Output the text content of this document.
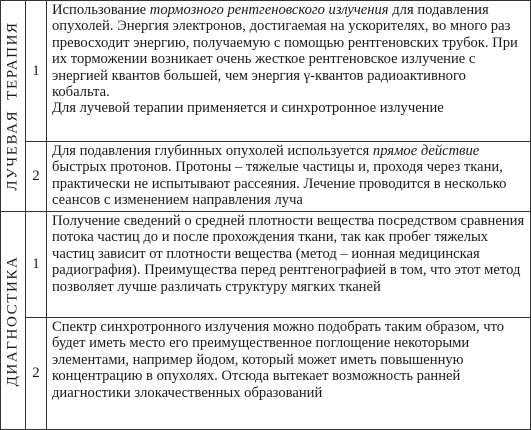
ЛУЧЕВАЯТЕРАПИЯ	1	Использование тормозного рентгеновского излучения для подавления опухолей. Энергия электронов, достигаемая на ускорителях, во много раз превосходит энергию, получаемую с помощью рентгеновских трубок. При их торможении возникает очень жесткое рентгеновское излучение с энергией квантов большей, чем энергия γ-квантов радиоактивного кобальта.
Для лучевой терапии применяется и синхротронное излучение

	2	Для подавления глубинных опухолей используется прямое действие быстрых протонов. Протоны – тяжелые частицы и, проходя через ткани, практически не испытывают рассеяния. Лечение проводится в несколько сеансов с изменением направления луча

ДИАГНОСТИКА	1	Получение сведений о средней плотности вещества посредством сравнения потока частиц до и после прохождения ткани, так как пробег тяжелых частиц зависит от плотности вещества (метод – ионная медицинская радиография). Преимущества перед рентгенографией в том, что этот метод позволяет лучше различать структуру мягких тканей

	2	Спектр синхротронного излучения можно подобрать таким образом, что будет иметь место его преимущественное поглощение некоторыми элементами, например йодом, который может иметь повышенную концентрацию в опухолях. Отсюда вытекает возможность ранней диагностики злокачественных образований
